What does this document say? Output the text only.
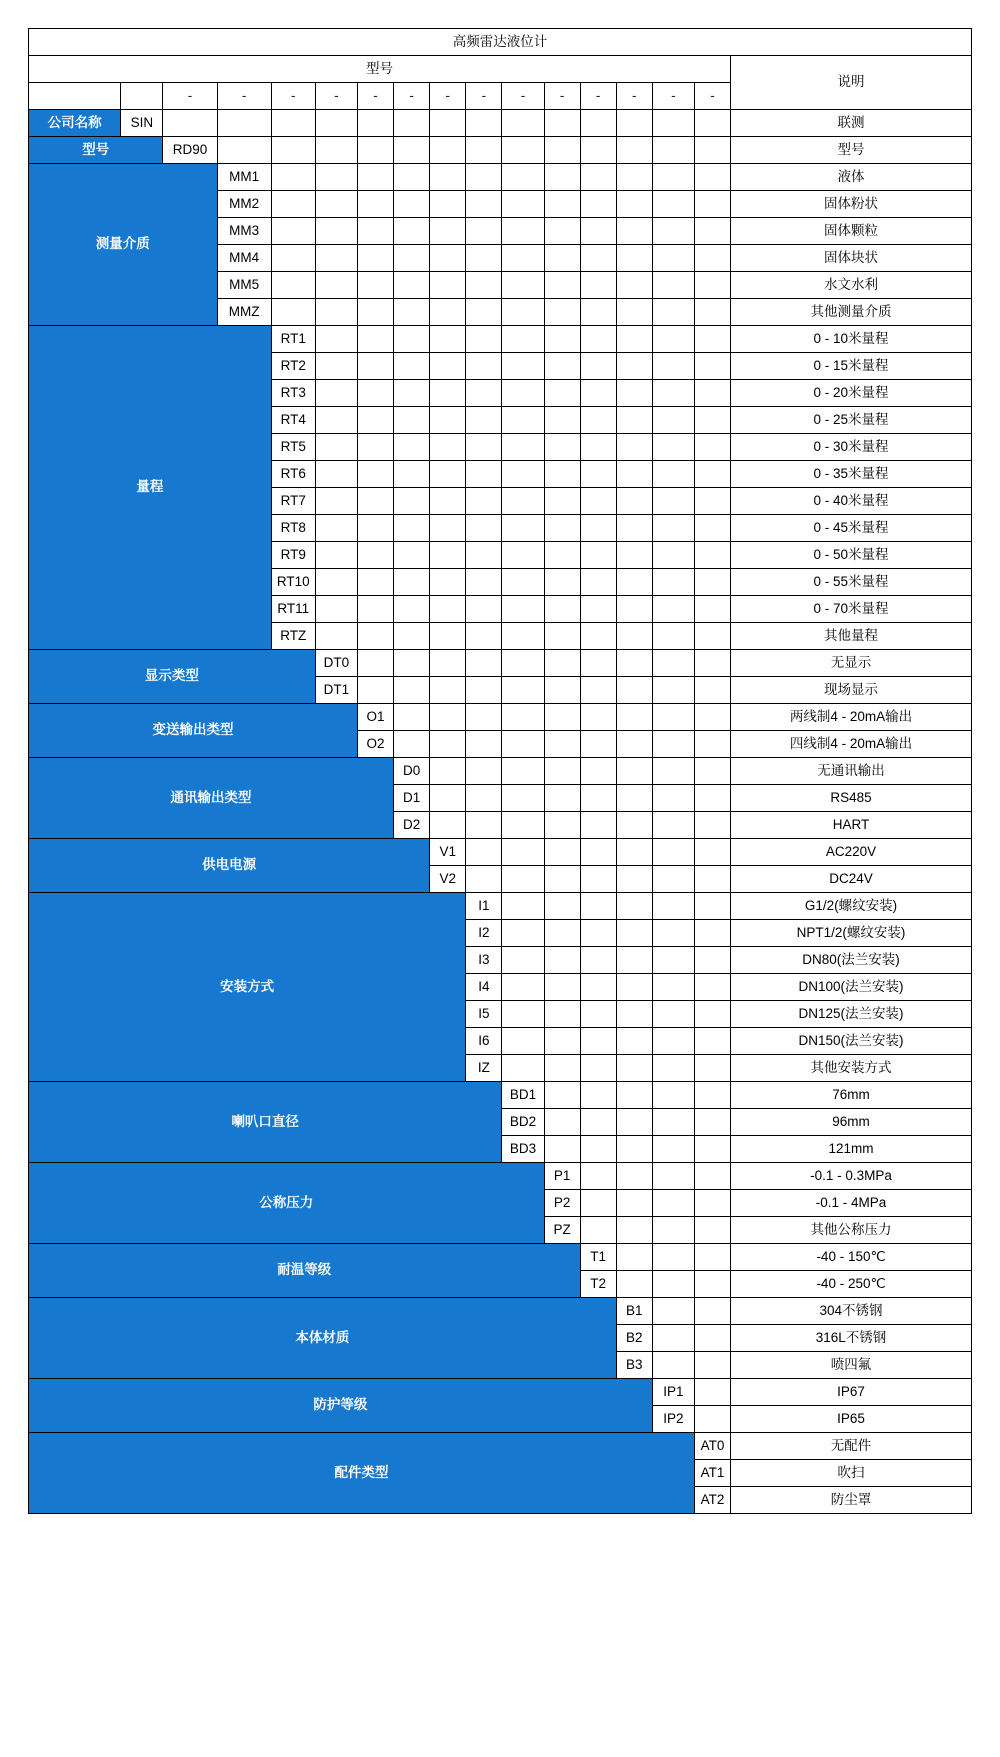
高频雷达液位计																
型号																说明
		-	-	-	-	-	-	-	-	-	-	-	-	-	-	
公司名称	SIN															联测
型号		RD90														型号
测量介质			MM1													液体
			MM2													固体粉状
			MM3													固体颗粒
			MM4													固体块状
			MM5													水文水利
			MMZ													其他测量介质
量程				RT1												0 - 10米量程
				RT2												0 - 15米量程
				RT3												0 - 20米量程
				RT4												0 - 25米量程
				RT5												0 - 30米量程
				RT6												0 - 35米量程
				RT7												0 - 40米量程
				RT8												0 - 45米量程
				RT9												0 - 50米量程
				RT10												0 - 55米量程
				RT11												0 - 70米量程
				RTZ												其他量程
显示类型					DT0											无显示
					DT1											现场显示
变送输出类型						O1										两线制4 - 20mA输出
						O2										四线制4 - 20mA输出
通讯输出类型							D0									无通讯输出
							D1									RS485
							D2									HART
供电电源								V1								AC220V
								V2								DC24V
安装方式									I1							G1/2(螺纹安装)
									I2							NPT1/2(螺纹安装)
									I3							DN80(法兰安装)
									I4							DN100(法兰安装)
									I5							DN125(法兰安装)
									I6							DN150(法兰安装)
									IZ							其他安装方式
喇叭口直径										BD1						76mm
										BD2						96mm
										BD3						121mm
公称压力											P1					-0.1 - 0.3MPa
											P2					-0.1 - 4MPa
											PZ					其他公称压力
耐温等级												T1				-40 - 150℃
												T2				-40 - 250℃
本体材质													B1			304不锈钢
													B2			316L不锈钢
													B3			喷四氟
防护等级														IP1		IP67
														IP2		IP65
配件类型															AT0	无配件
															AT1	吹扫
															AT2	防尘罩
